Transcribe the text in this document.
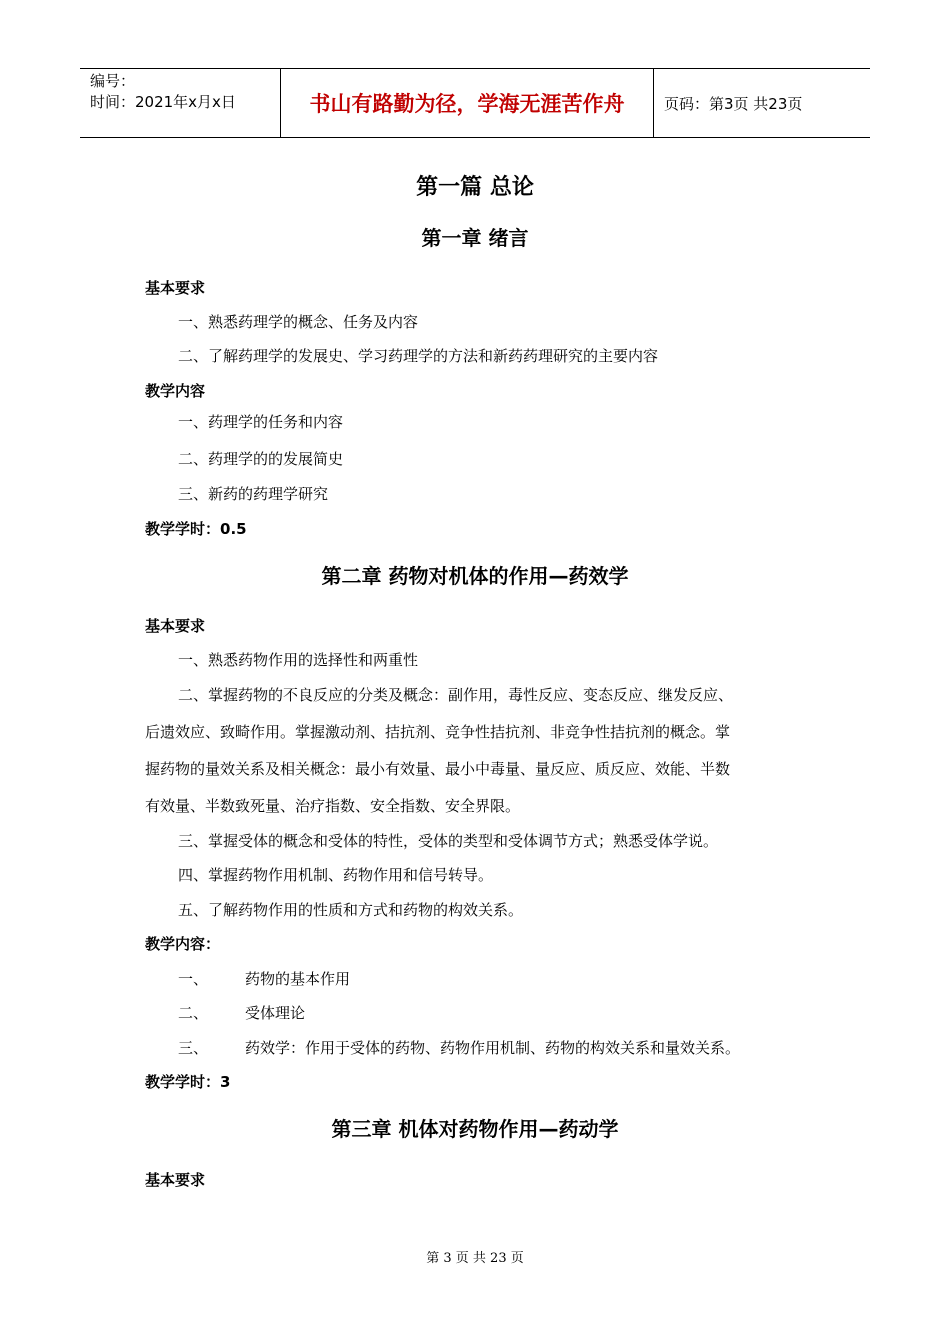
编号：
时间：2021年x月x日	书山有路勤为径，学海无涯苦作舟	页码：第3页 共23页
第一篇 总论
第一章 绪言
基本要求
一、熟悉药理学的概念、任务及内容
二、了解药理学的发展史、学习药理学的方法和新药药理研究的主要内容
教学内容
一、药理学的任务和内容
二、药理学的的发展简史
三、新药的药理学研究
教学学时：0.5
第二章 药物对机体的作用—药效学
基本要求
一、熟悉药物作用的选择性和两重性
二、掌握药物的不良反应的分类及概念：副作用，毒性反应、变态反应、继发反应、
后遗效应、致畸作用。掌握激动剂、拮抗剂、竞争性拮抗剂、非竞争性拮抗剂的概念。掌
握药物的量效关系及相关概念：最小有效量、最小中毒量、量反应、质反应、效能、半数
有效量、半数致死量、治疗指数、安全指数、安全界限。
三、掌握受体的概念和受体的特性，受体的类型和受体调节方式；熟悉受体学说。
四、掌握药物作用机制、药物作用和信号转导。
五、了解药物作用的性质和方式和药物的构效关系。
教学内容：
一、 药物的基本作用
二、 受体理论
三、 药效学：作用于受体的药物、药物作用机制、药物的构效关系和量效关系。
教学学时：3
第三章 机体对药物作用—药动学
基本要求
第 3 页 共 23 页
